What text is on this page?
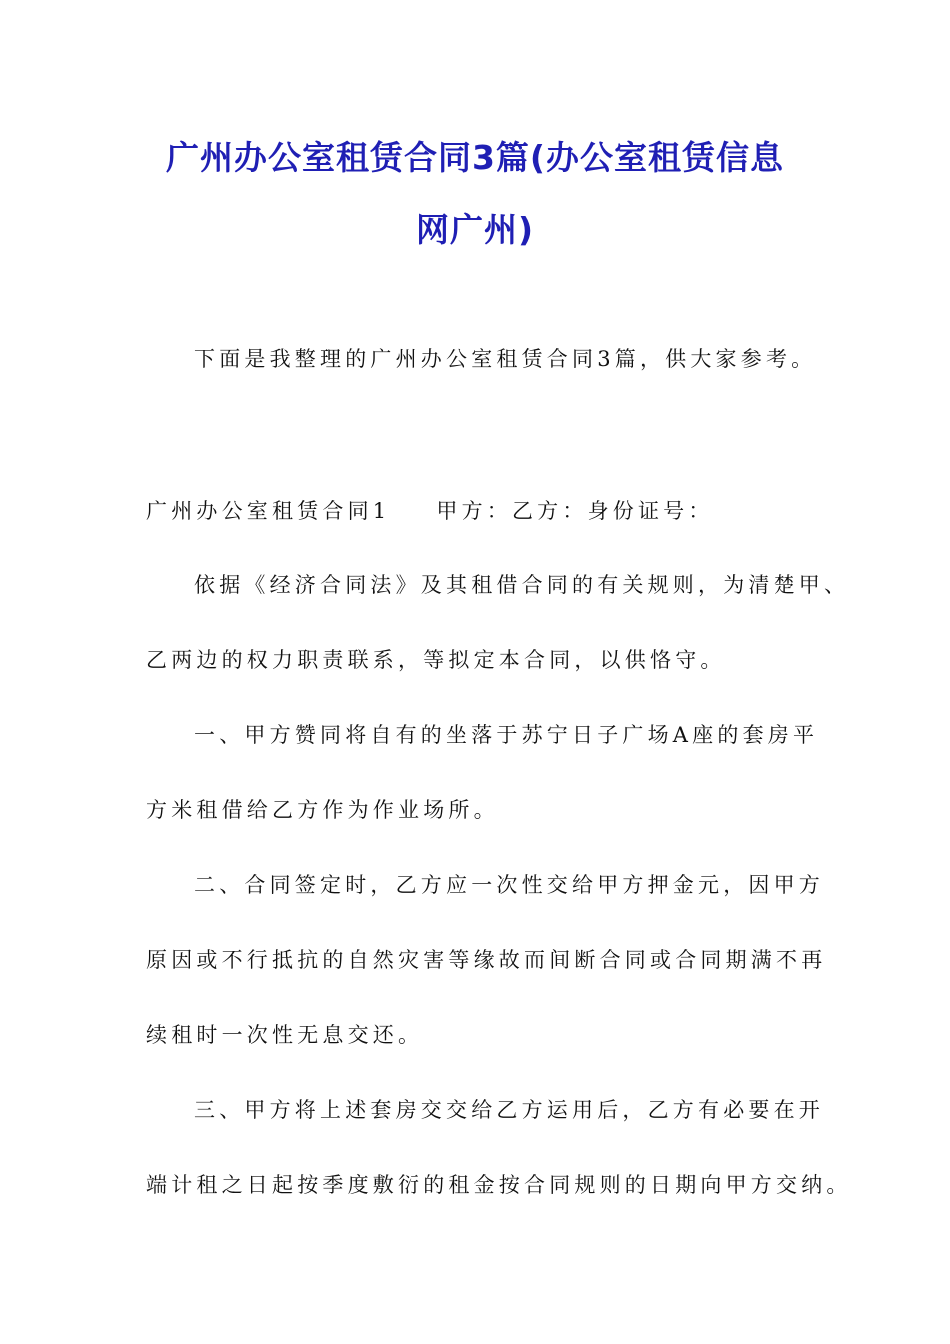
广州办公室租赁合同3篇(办公室租赁信息
网广州)
下面是我整理的广州办公室租赁合同3篇，供大家参考。
广州办公室租赁合同1 甲方：乙方：身份证号：
依据《经济合同法》及其租借合同的有关规则，为清楚甲、
乙两边的权力职责联系，等拟定本合同，以供恪守。
一、甲方赞同将自有的坐落于苏宁日子广场A座的套房平
方米租借给乙方作为作业场所。
二、合同签定时，乙方应一次性交给甲方押金元，因甲方
原因或不行抵抗的自然灾害等缘故而间断合同或合同期满不再
续租时一次性无息交还。
三、甲方将上述套房交交给乙方运用后，乙方有必要在开
端计租之日起按季度敷衍的租金按合同规则的日期向甲方交纳。
